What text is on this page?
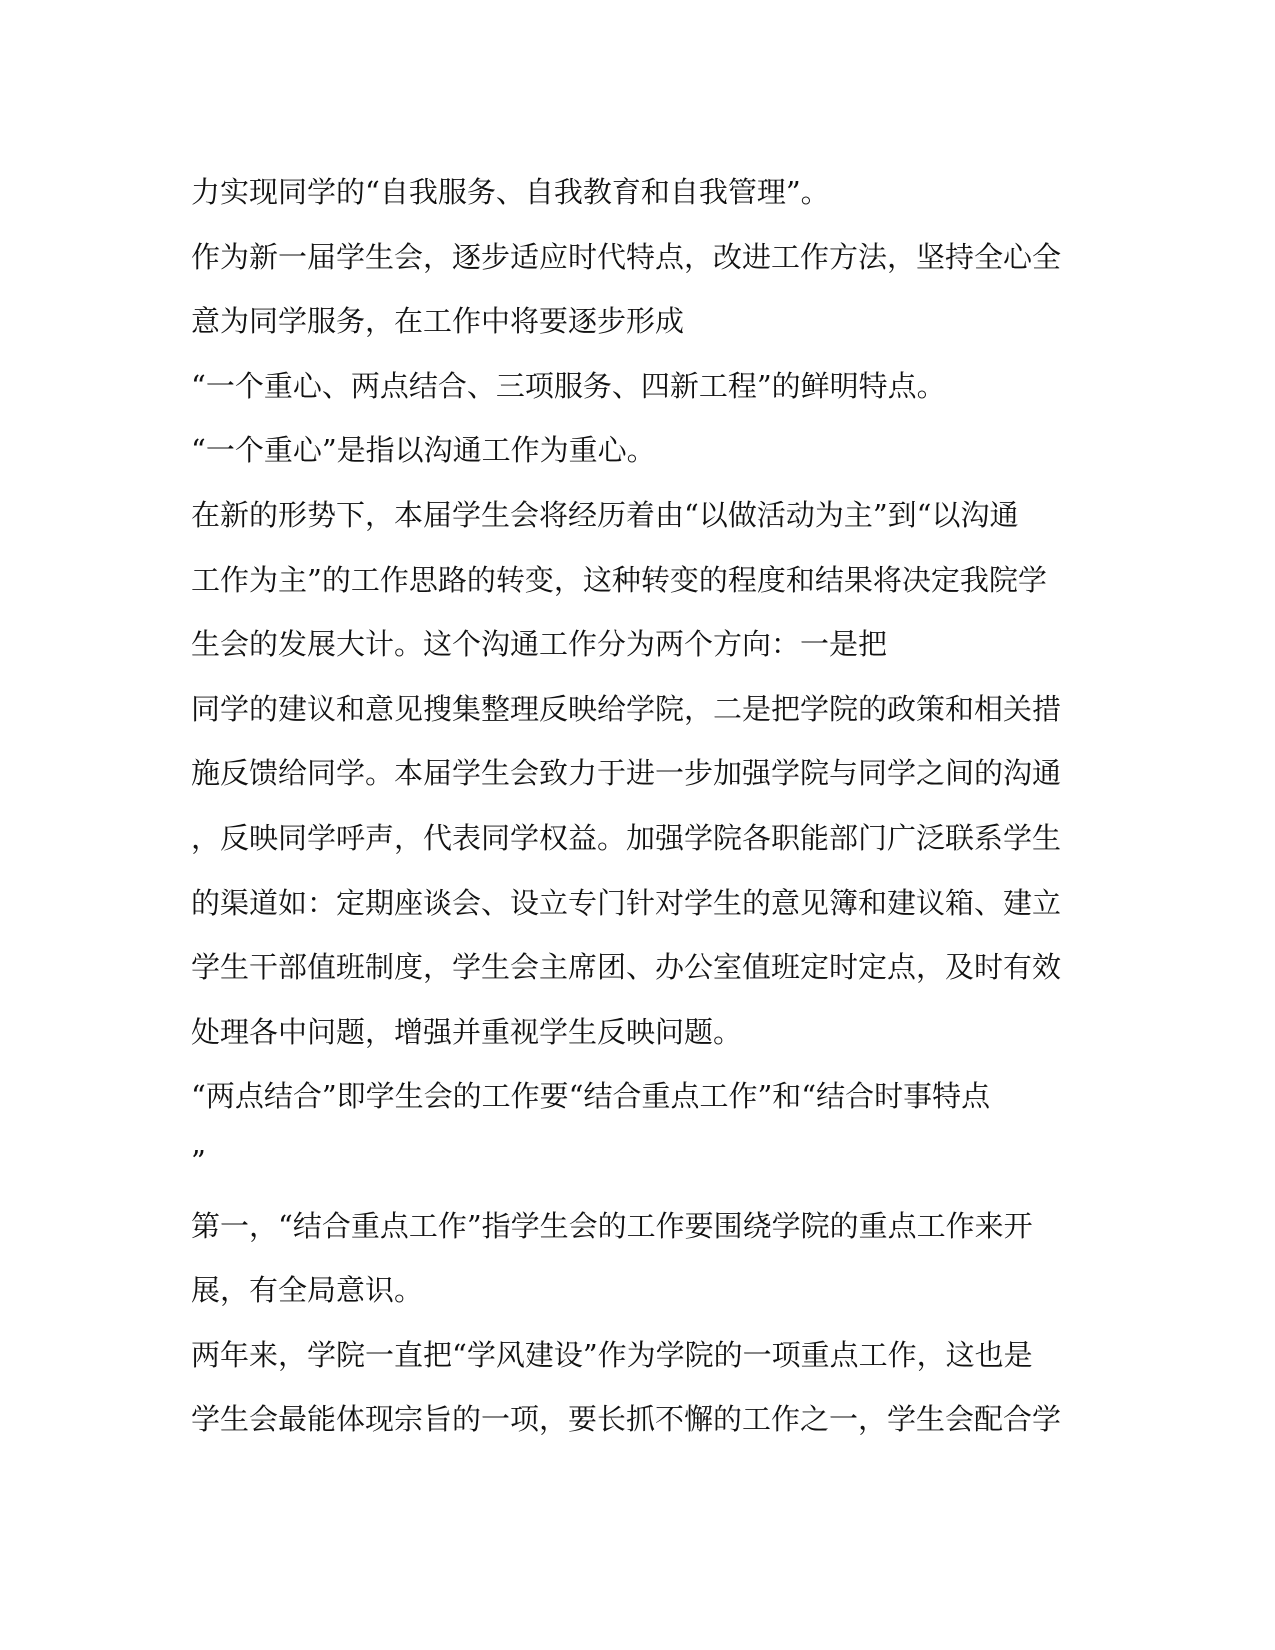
力实现同学的“自我服务、自我教育和自我管理”。
作为新一届学生会，逐步适应时代特点，改进工作方法，坚持全心全
意为同学服务，在工作中将要逐步形成
“一个重心、两点结合、三项服务、四新工程”的鲜明特点。
“一个重心”是指以沟通工作为重心。
在新的形势下，本届学生会将经历着由“以做活动为主”到“以沟通
工作为主”的工作思路的转变，这种转变的程度和结果将决定我院学
生会的发展大计。这个沟通工作分为两个方向：一是把
同学的建议和意见搜集整理反映给学院，二是把学院的政策和相关措
施反馈给同学。本届学生会致力于进一步加强学院与同学之间的沟通
，反映同学呼声，代表同学权益。加强学院各职能部门广泛联系学生
的渠道如：定期座谈会、设立专门针对学生的意见簿和建议箱、建立
学生干部值班制度，学生会主席团、办公室值班定时定点，及时有效
处理各中问题，增强并重视学生反映问题。
“两点结合”即学生会的工作要“结合重点工作”和“结合时事特点
”
第一，“结合重点工作”指学生会的工作要围绕学院的重点工作来开
展，有全局意识。
两年来，学院一直把“学风建设”作为学院的一项重点工作，这也是
学生会最能体现宗旨的一项，要长抓不懈的工作之一，学生会配合学
